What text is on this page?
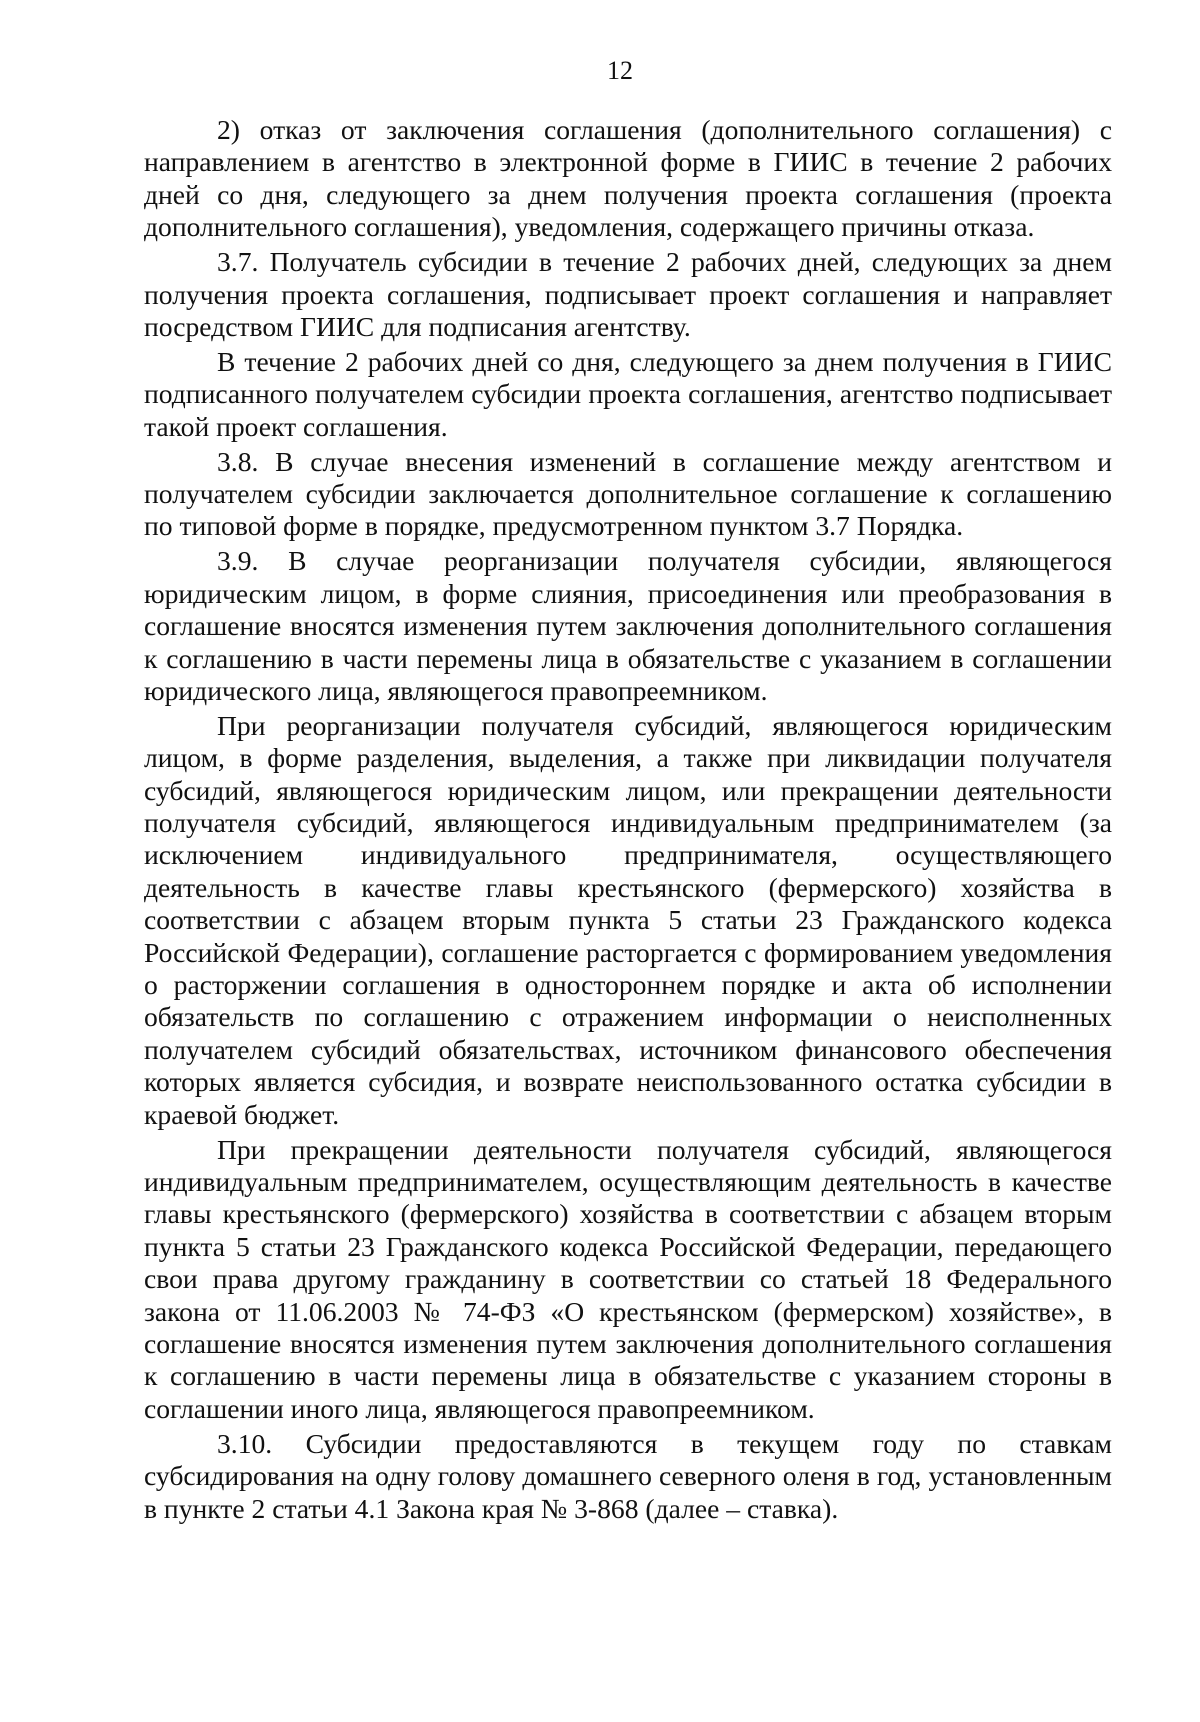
12

2) отказ от заключения соглашения (дополнительного соглашения) с направлением в агентство в электронной форме в ГИИС в течение 2 рабочих дней со дня, следующего за днем получения проекта соглашения (проекта дополнительного соглашения), уведомления, содержащего причины отказа.

3.7. Получатель субсидии в течение 2 рабочих дней, следующих за днем получения проекта соглашения, подписывает проект соглашения и направляет посредством ГИИС для подписания агентству.

В течение 2 рабочих дней со дня, следующего за днем получения в ГИИС подписанного получателем субсидии проекта соглашения, агентство подписывает такой проект соглашения.

3.8. В случае внесения изменений в соглашение между агентством и получателем субсидии заключается дополнительное соглашение к соглашению по типовой форме в порядке, предусмотренном пунктом 3.7 Порядка.

3.9. В случае реорганизации получателя субсидии, являющегося юридическим лицом, в форме слияния, присоединения или преобразования в соглашение вносятся изменения путем заключения дополнительного соглашения к соглашению в части перемены лица в обязательстве с указанием в соглашении юридического лица, являющегося правопреемником.

При реорганизации получателя субсидий, являющегося юридическим лицом, в форме разделения, выделения, а также при ликвидации получателя субсидий, являющегося юридическим лицом, или прекращении деятельности получателя субсидий, являющегося индивидуальным предпринимателем (за исключением индивидуального предпринимателя, осуществляющего деятельность в качестве главы крестьянского (фермерского) хозяйства в соответствии с абзацем вторым пункта 5 статьи 23 Гражданского кодекса Российской Федерации), соглашение расторгается с формированием уведомления о расторжении соглашения в одностороннем порядке и акта об исполнении обязательств по соглашению с отражением информации о неисполненных получателем субсидий обязательствах, источником финансового обеспечения которых является субсидия, и возврате неиспользованного остатка субсидии в краевой бюджет.

При прекращении деятельности получателя субсидий, являющегося индивидуальным предпринимателем, осуществляющим деятельность в качестве главы крестьянского (фермерского) хозяйства в соответствии с абзацем вторым пункта 5 статьи 23 Гражданского кодекса Российской Федерации, передающего свои права другому гражданину в соответствии со статьей 18 Федерального закона от 11.06.2003 № 74-ФЗ «О крестьянском (фермерском) хозяйстве», в соглашение вносятся изменения путем заключения дополнительного соглашения к соглашению в части перемены лица в обязательстве с указанием стороны в соглашении иного лица, являющегося правопреемником.

3.10. Субсидии предоставляются в текущем году по ставкам субсидирования на одну голову домашнего северного оленя в год, установленным в пункте 2 статьи 4.1 Закона края № 3-868 (далее – ставка).
